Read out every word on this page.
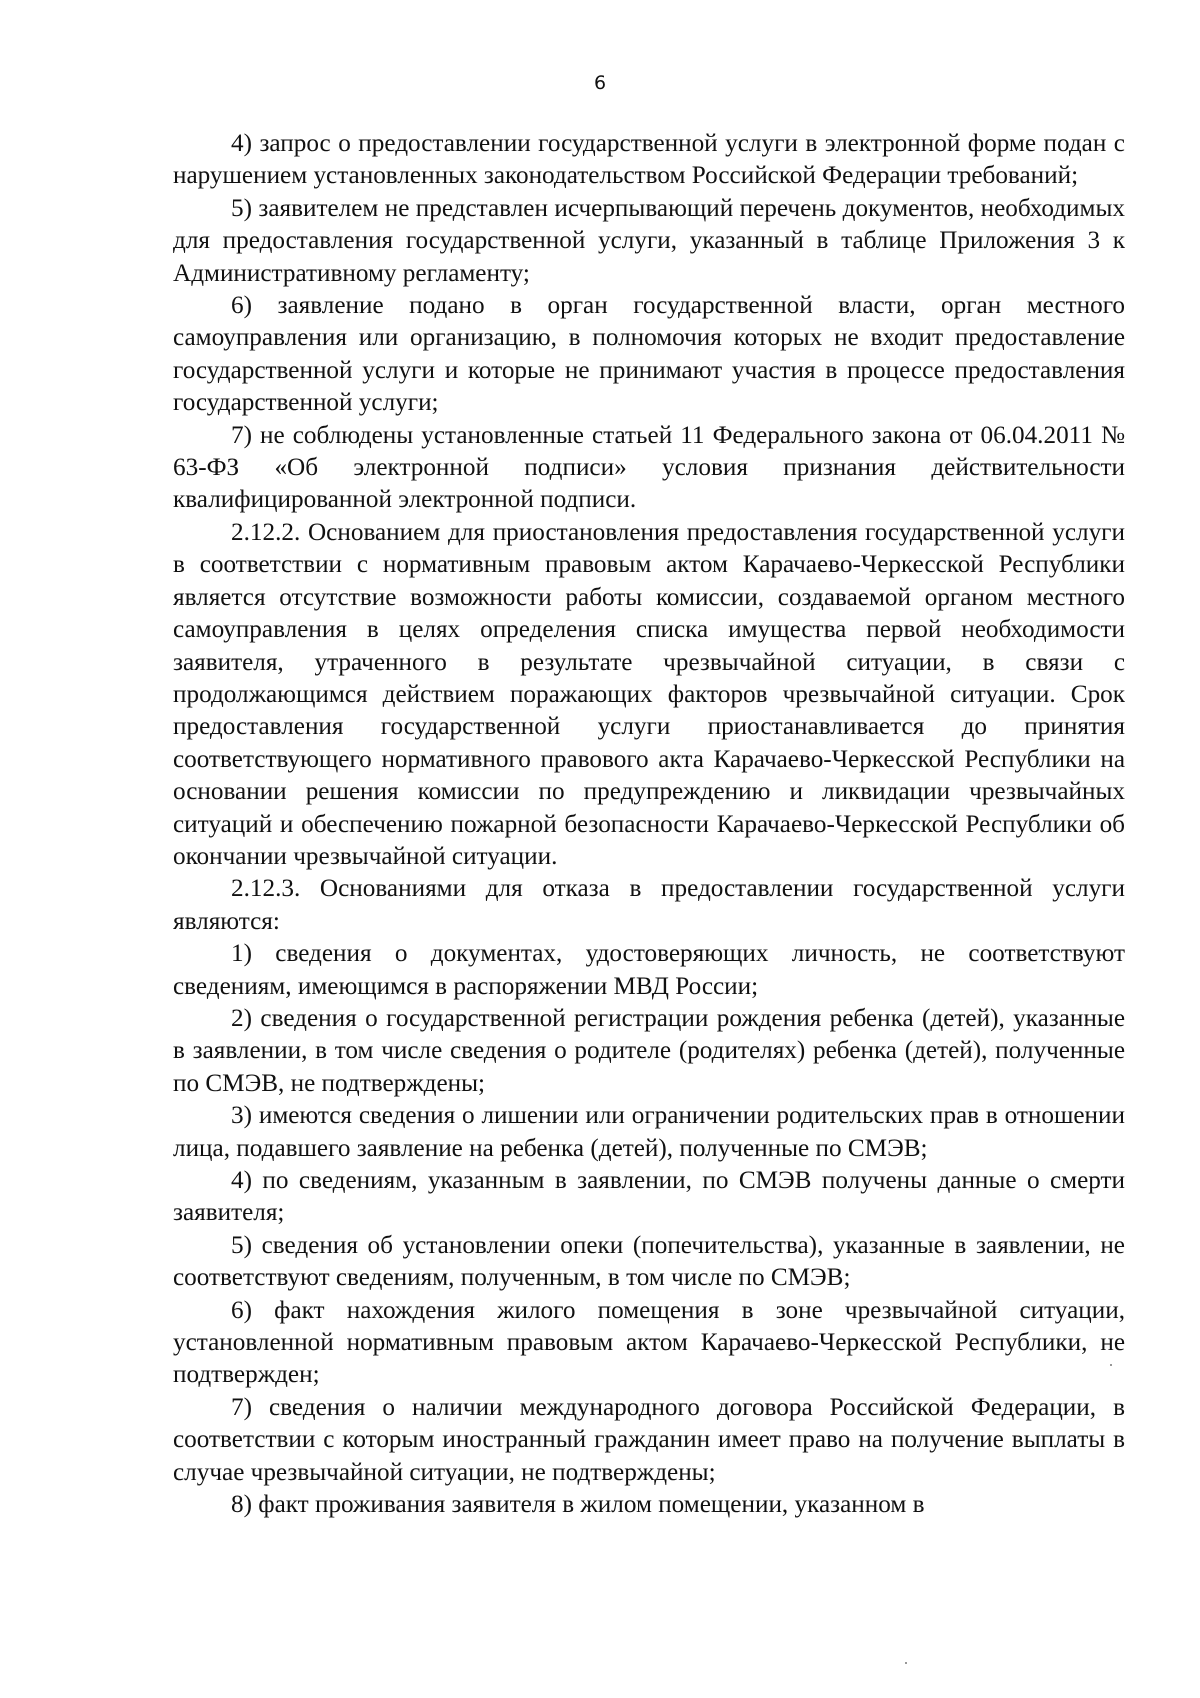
6

4) запрос о предоставлении государственной услуги в электронной форме подан с нарушением установленных законодательством Российской Федерации требований;

5) заявителем не представлен исчерпывающий перечень документов, необходимых для предоставления государственной услуги, указанный в таблице Приложения 3 к Административному регламенту;

6) заявление подано в орган государственной власти, орган местного самоуправления или организацию, в полномочия которых не входит предоставление государственной услуги и которые не принимают участия в процессе предоставления государственной услуги;

7) не соблюдены установленные статьей 11 Федерального закона от 06.04.2011 № 63-ФЗ «Об электронной подписи» условия признания действительности квалифицированной электронной подписи.

2.12.2. Основанием для приостановления предоставления государственной услуги в соответствии с нормативным правовым актом Карачаево-Черкесской Республики является отсутствие возможности работы комиссии, создаваемой органом местного самоуправления в целях определения списка имущества первой необходимости заявителя, утраченного в результате чрезвычайной ситуации, в связи с продолжающимся действием поражающих факторов чрезвычайной ситуации. Срок предоставления государственной услуги приостанавливается до принятия соответствующего нормативного правового акта Карачаево-Черкесской Республики на основании решения комиссии по предупреждению и ликвидации чрезвычайных ситуаций и обеспечению пожарной безопасности Карачаево-Черкесской Республики об окончании чрезвычайной ситуации.

2.12.3. Основаниями для отказа в предоставлении государственной услуги являются:

1) сведения о документах, удостоверяющих личность, не соответствуют сведениям, имеющимся в распоряжении МВД России;

2) сведения о государственной регистрации рождения ребенка (детей), указанные в заявлении, в том числе сведения о родителе (родителях) ребенка (детей), полученные по СМЭВ, не подтверждены;

3) имеются сведения о лишении или ограничении родительских прав в отношении лица, подавшего заявление на ребенка (детей), полученные по СМЭВ;

4) по сведениям, указанным в заявлении, по СМЭВ получены данные о смерти заявителя;

5) сведения об установлении опеки (попечительства), указанные в заявлении, не соответствуют сведениям, полученным, в том числе по СМЭВ;

6) факт нахождения жилого помещения в зоне чрезвычайной ситуации, установленной нормативным правовым актом Карачаево-Черкесской Республики, не подтвержден;

7) сведения о наличии международного договора Российской Федерации, в соответствии с которым иностранный гражданин имеет право на получение выплаты в случае чрезвычайной ситуации, не подтверждены;

8) факт проживания заявителя в жилом помещении, указанном в
